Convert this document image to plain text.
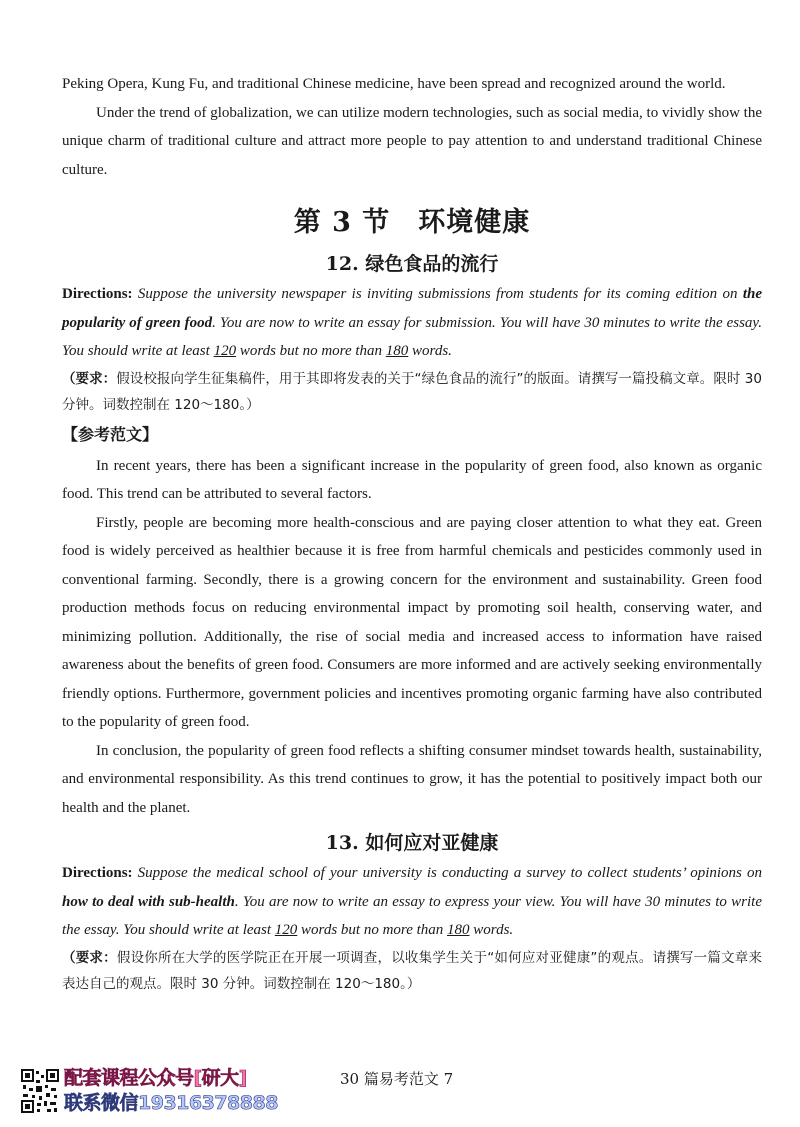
Peking Opera, Kung Fu, and traditional Chinese medicine, have been spread and recognized around the world.

Under the trend of globalization, we can utilize modern technologies, such as social media, to vividly show the unique charm of traditional culture and attract more people to pay attention to and understand traditional Chinese culture.

第 3 节 环境健康
12. 绿色食品的流行

Directions: Suppose the university newspaper is inviting submissions from students for its coming edition on the popularity of green food. You are now to write an essay for submission. You will have 30 minutes to write the essay. You should write at least 120 words but no more than 180 words.

（要求：假设校报向学生征集稿件，用于其即将发表的关于“绿色食品的流行”的版面。请撰写一篇投稿文章。限时 30 分钟。词数控制在 120～180。）

【参考范文】

In recent years, there has been a significant increase in the popularity of green food, also known as organic food. This trend can be attributed to several factors.

Firstly, people are becoming more health-conscious and are paying closer attention to what they eat. Green food is widely perceived as healthier because it is free from harmful chemicals and pesticides commonly used in conventional farming. Secondly, there is a growing concern for the environment and sustainability. Green food production methods focus on reducing environmental impact by promoting soil health, conserving water, and minimizing pollution. Additionally, the rise of social media and increased access to information have raised awareness about the benefits of green food. Consumers are more informed and are actively seeking environmentally friendly options. Furthermore, government policies and incentives promoting organic farming have also contributed to the popularity of green food.

In conclusion, the popularity of green food reflects a shifting consumer mindset towards health, sustainability, and environmental responsibility. As this trend continues to grow, it has the potential to positively impact both our health and the planet.

13. 如何应对亚健康

Directions: Suppose the medical school of your university is conducting a survey to collect students’ opinions on how to deal with sub-health. You are now to write an essay to express your view. You will have 30 minutes to write the essay. You should write at least 120 words but no more than 180 words.

（要求：假设你所在大学的医学院正在开展一项调查，以收集学生关于“如何应对亚健康”的观点。请撰写一篇文章来表达自己的观点。限时 30 分钟。词数控制在 120～180。）

配套课程公众号[研大]
联系微信19316378888
30 篇易考范文 7
